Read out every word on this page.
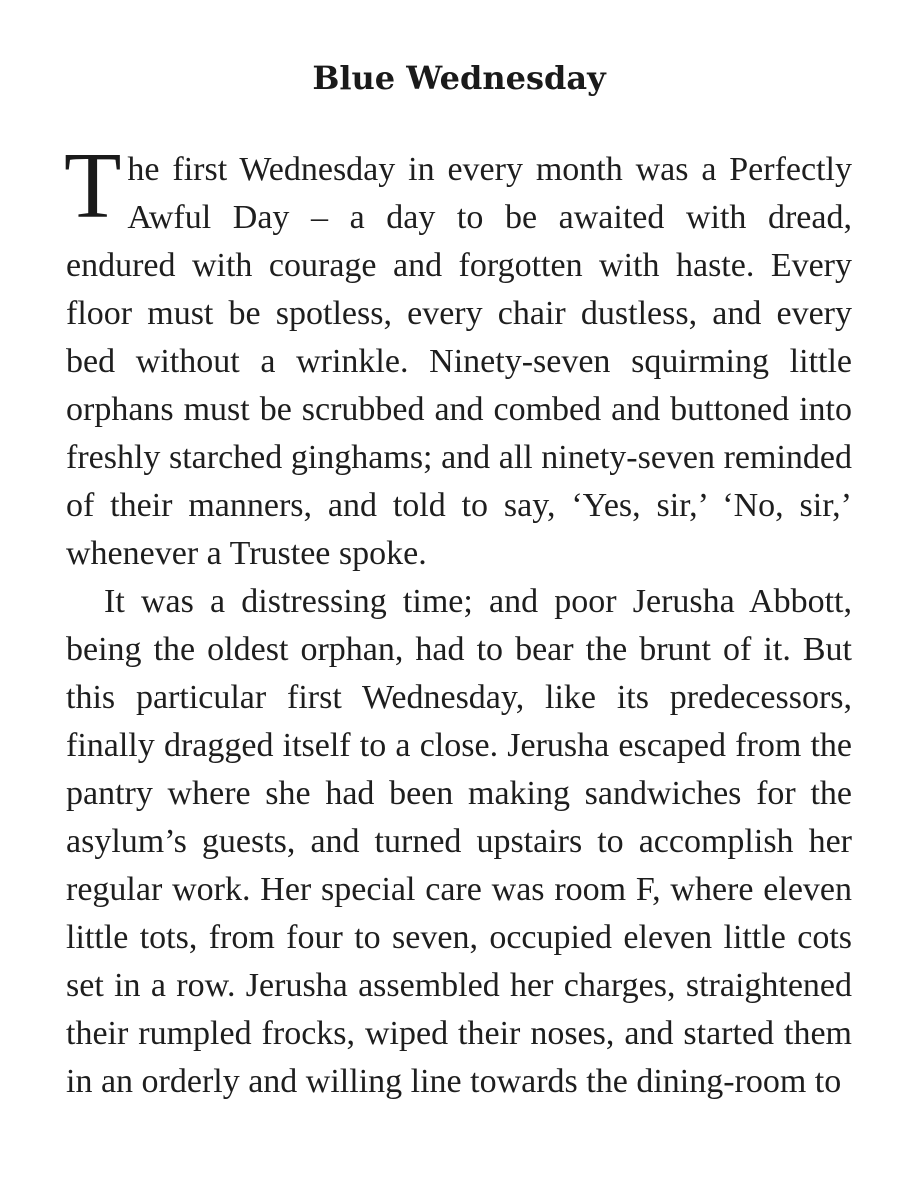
Blue Wednesday

The first Wednesday in every month was a Perfectly Awful Day – a day to be awaited with dread, endured with courage and forgotten with haste. Every floor must be spotless, every chair dustless, and every bed without a wrinkle. Ninety-seven squirming little orphans must be scrubbed and combed and buttoned into freshly starched ginghams; and all ninety-seven reminded of their manners, and told to say, ‘Yes, sir,’ ‘No, sir,’ whenever a Trustee spoke.

It was a distressing time; and poor Jerusha Abbott, being the oldest orphan, had to bear the brunt of it. But this particular first Wednesday, like its predecessors, finally dragged itself to a close. Jerusha escaped from the pantry where she had been making sandwiches for the asylum’s guests, and turned upstairs to accomplish her regular work. Her special care was room F, where eleven little tots, from four to seven, occupied eleven little cots set in a row. Jerusha assembled her charges, straightened their rumpled frocks, wiped their noses, and started them in an orderly and willing line towards the dining-room to
